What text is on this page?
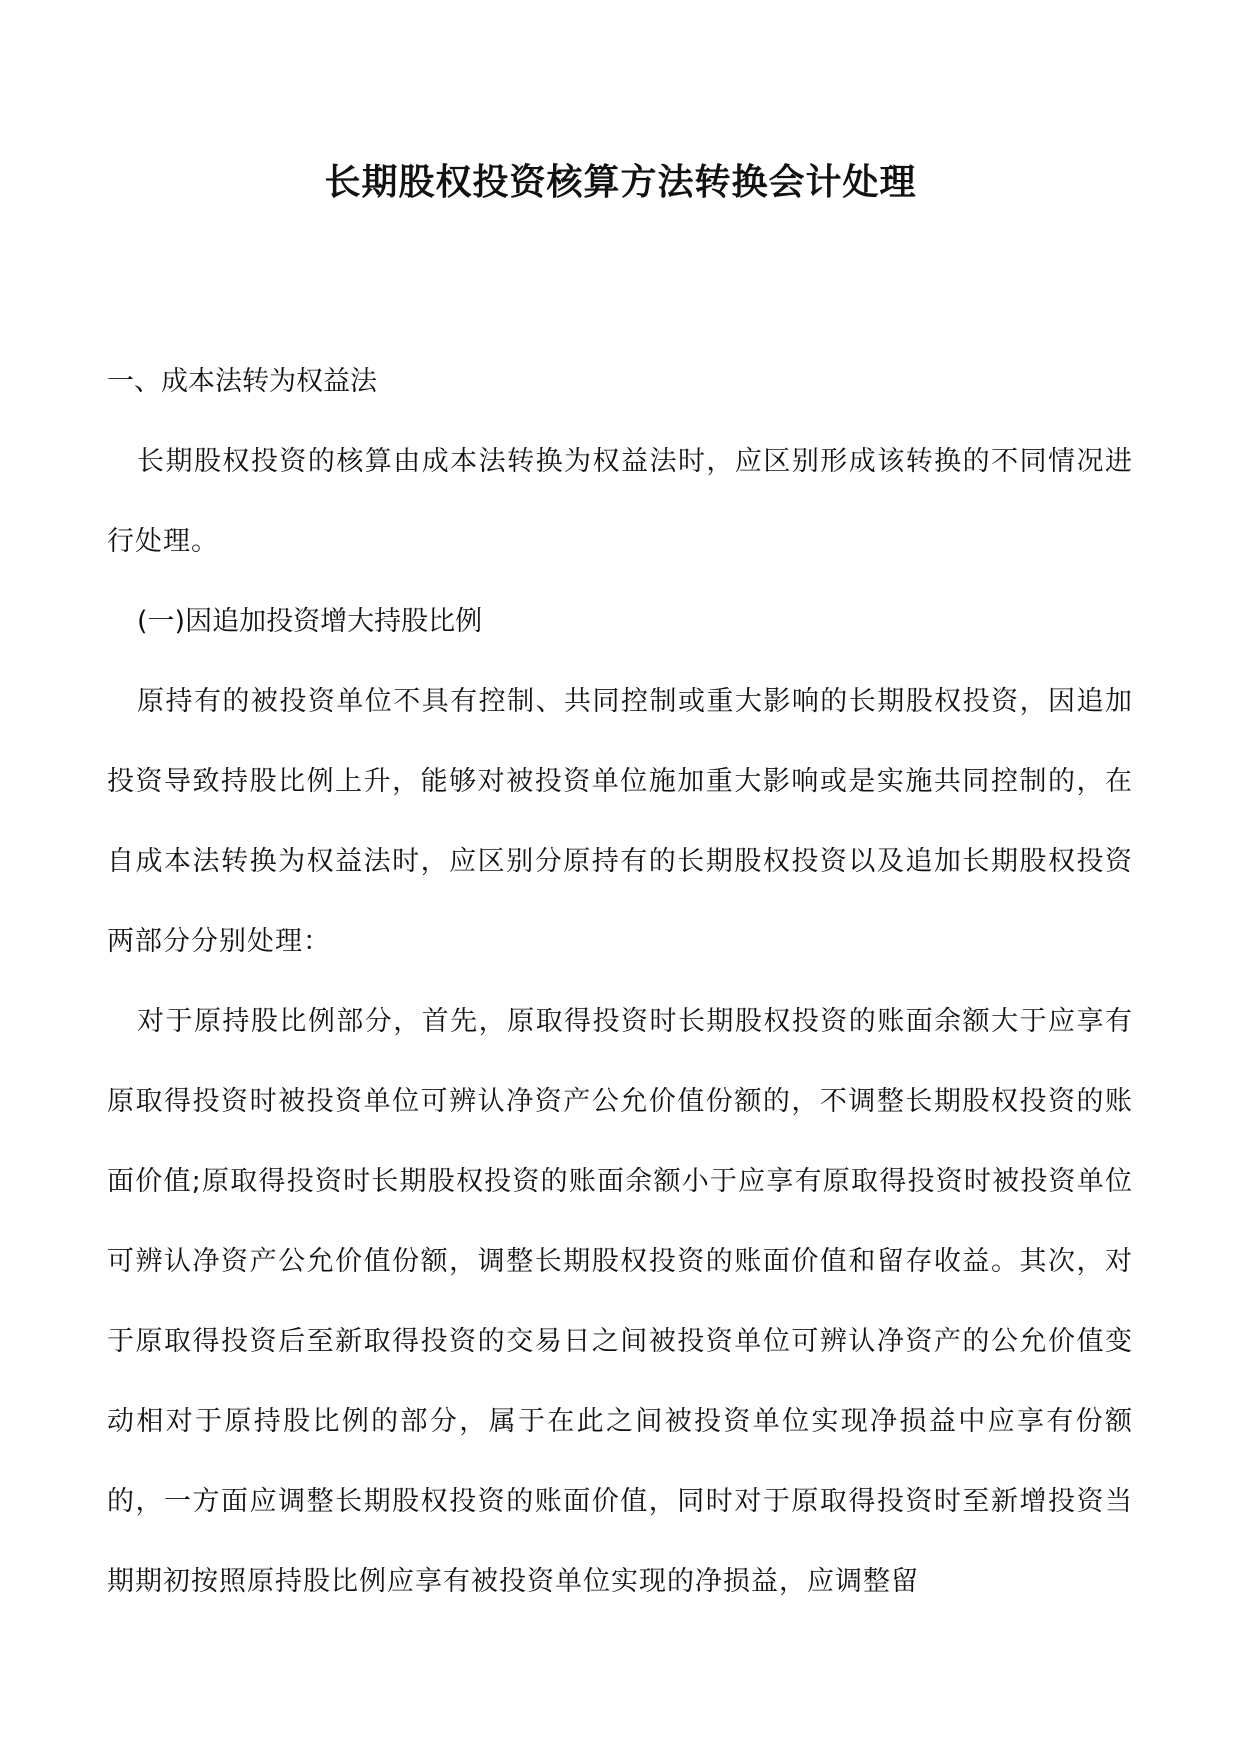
长期股权投资核算方法转换会计处理

一、成本法转为权益法

长期股权投资的核算由成本法转换为权益法时，应区别形成该转换的不同情况进行处理。

(一)因追加投资增大持股比例

原持有的被投资单位不具有控制、共同控制或重大影响的长期股权投资，因追加投资导致持股比例上升，能够对被投资单位施加重大影响或是实施共同控制的，在自成本法转换为权益法时，应区别分原持有的长期股权投资以及追加长期股权投资两部分分别处理：

对于原持股比例部分，首先，原取得投资时长期股权投资的账面余额大于应享有原取得投资时被投资单位可辨认净资产公允价值份额的，不调整长期股权投资的账面价值;原取得投资时长期股权投资的账面余额小于应享有原取得投资时被投资单位可辨认净资产公允价值份额，调整长期股权投资的账面价值和留存收益。其次，对于原取得投资后至新取得投资的交易日之间被投资单位可辨认净资产的公允价值变动相对于原持股比例的部分，属于在此之间被投资单位实现净损益中应享有份额的，一方面应调整长期股权投资的账面价值，同时对于原取得投资时至新增投资当期期初按照原持股比例应享有被投资单位实现的净损益，应调整留
